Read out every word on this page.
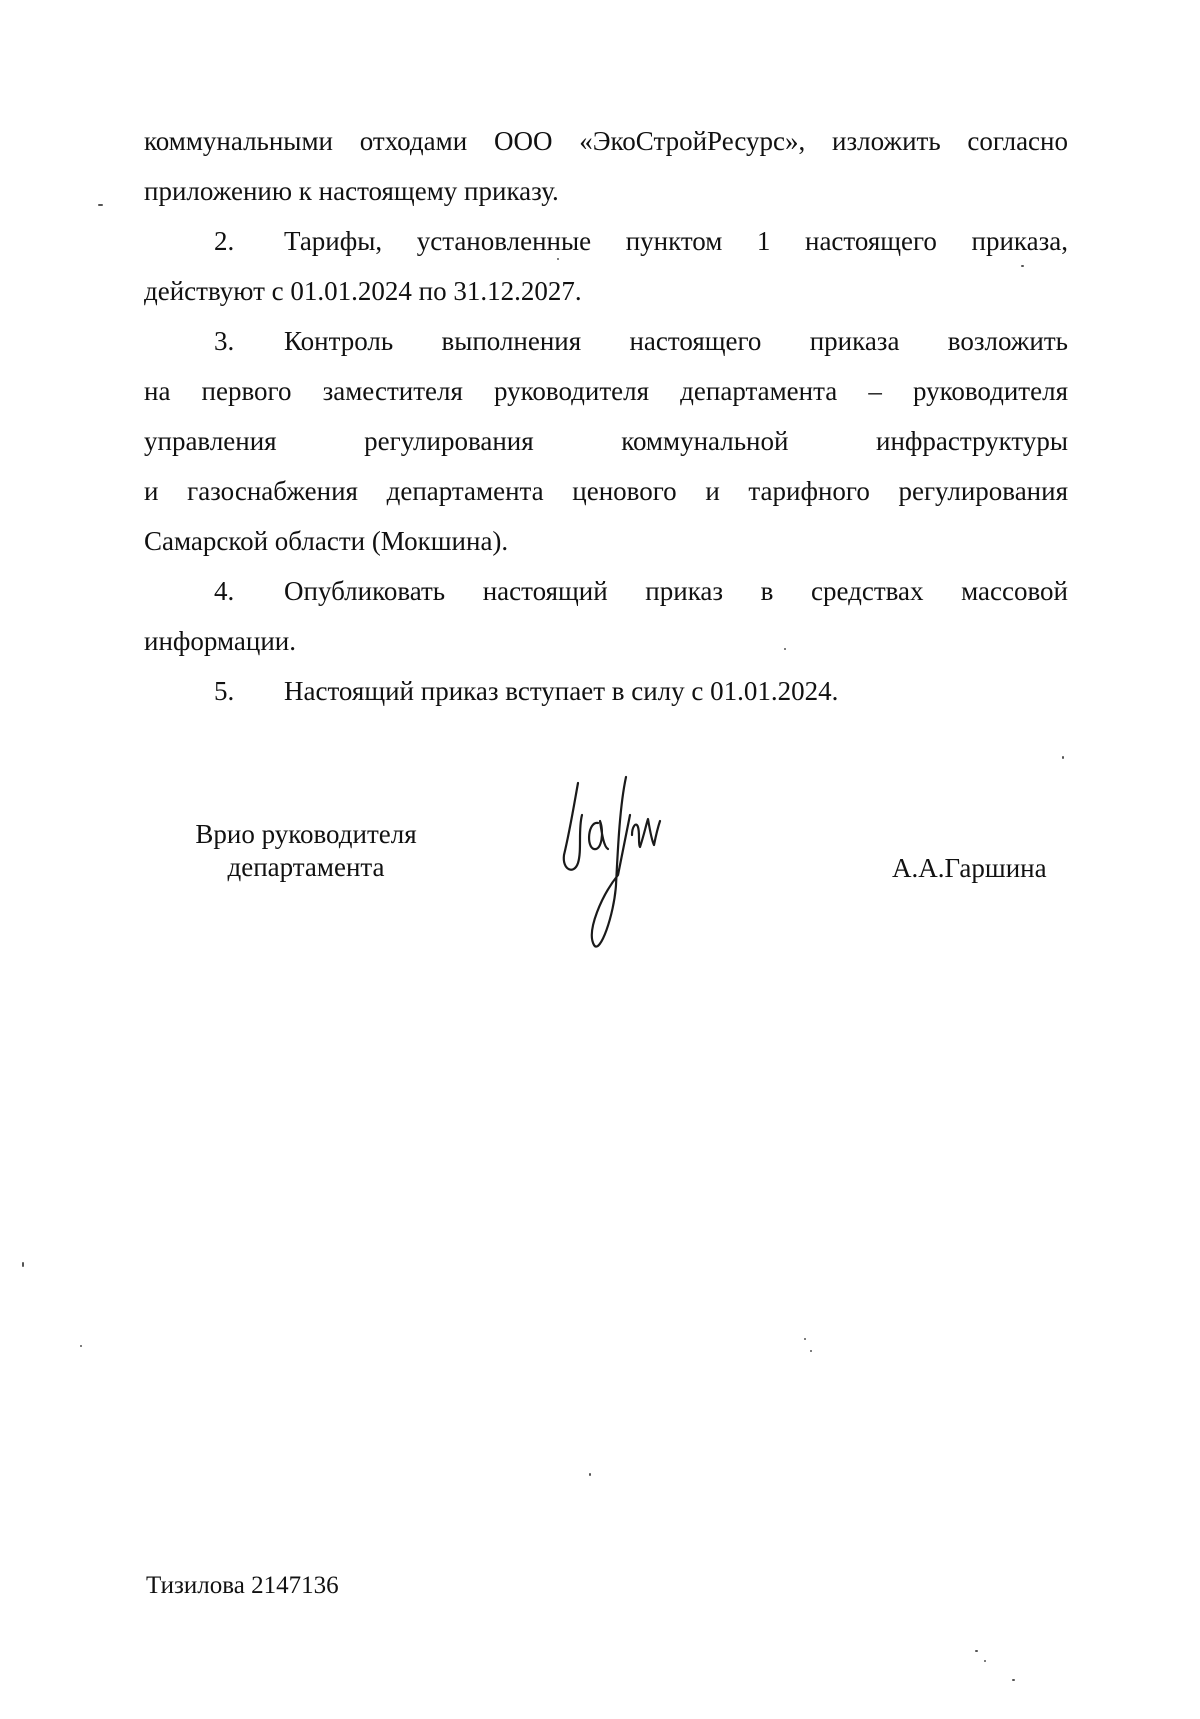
коммунальными отходами ООО «ЭкоСтройРесурс», изложить согласно
приложению к настоящему приказу.
2.	Тарифы, установленные пунктом 1 настоящего приказа,
действуют с 01.01.2024 по 31.12.2027.
3.	Контроль выполнения настоящего приказа возложить
на первого заместителя руководителя департамента – руководителя
управления регулирования коммунальной инфраструктуры
и газоснабжения департамента ценового и тарифного регулирования
Самарской области (Мокшина).
4.	Опубликовать настоящий приказ в средствах массовой
информации.
5.	Настоящий приказ вступает в силу с 01.01.2024.
Врио руководителя
департамента	А.А.Гаршина
Тизилова 2147136
